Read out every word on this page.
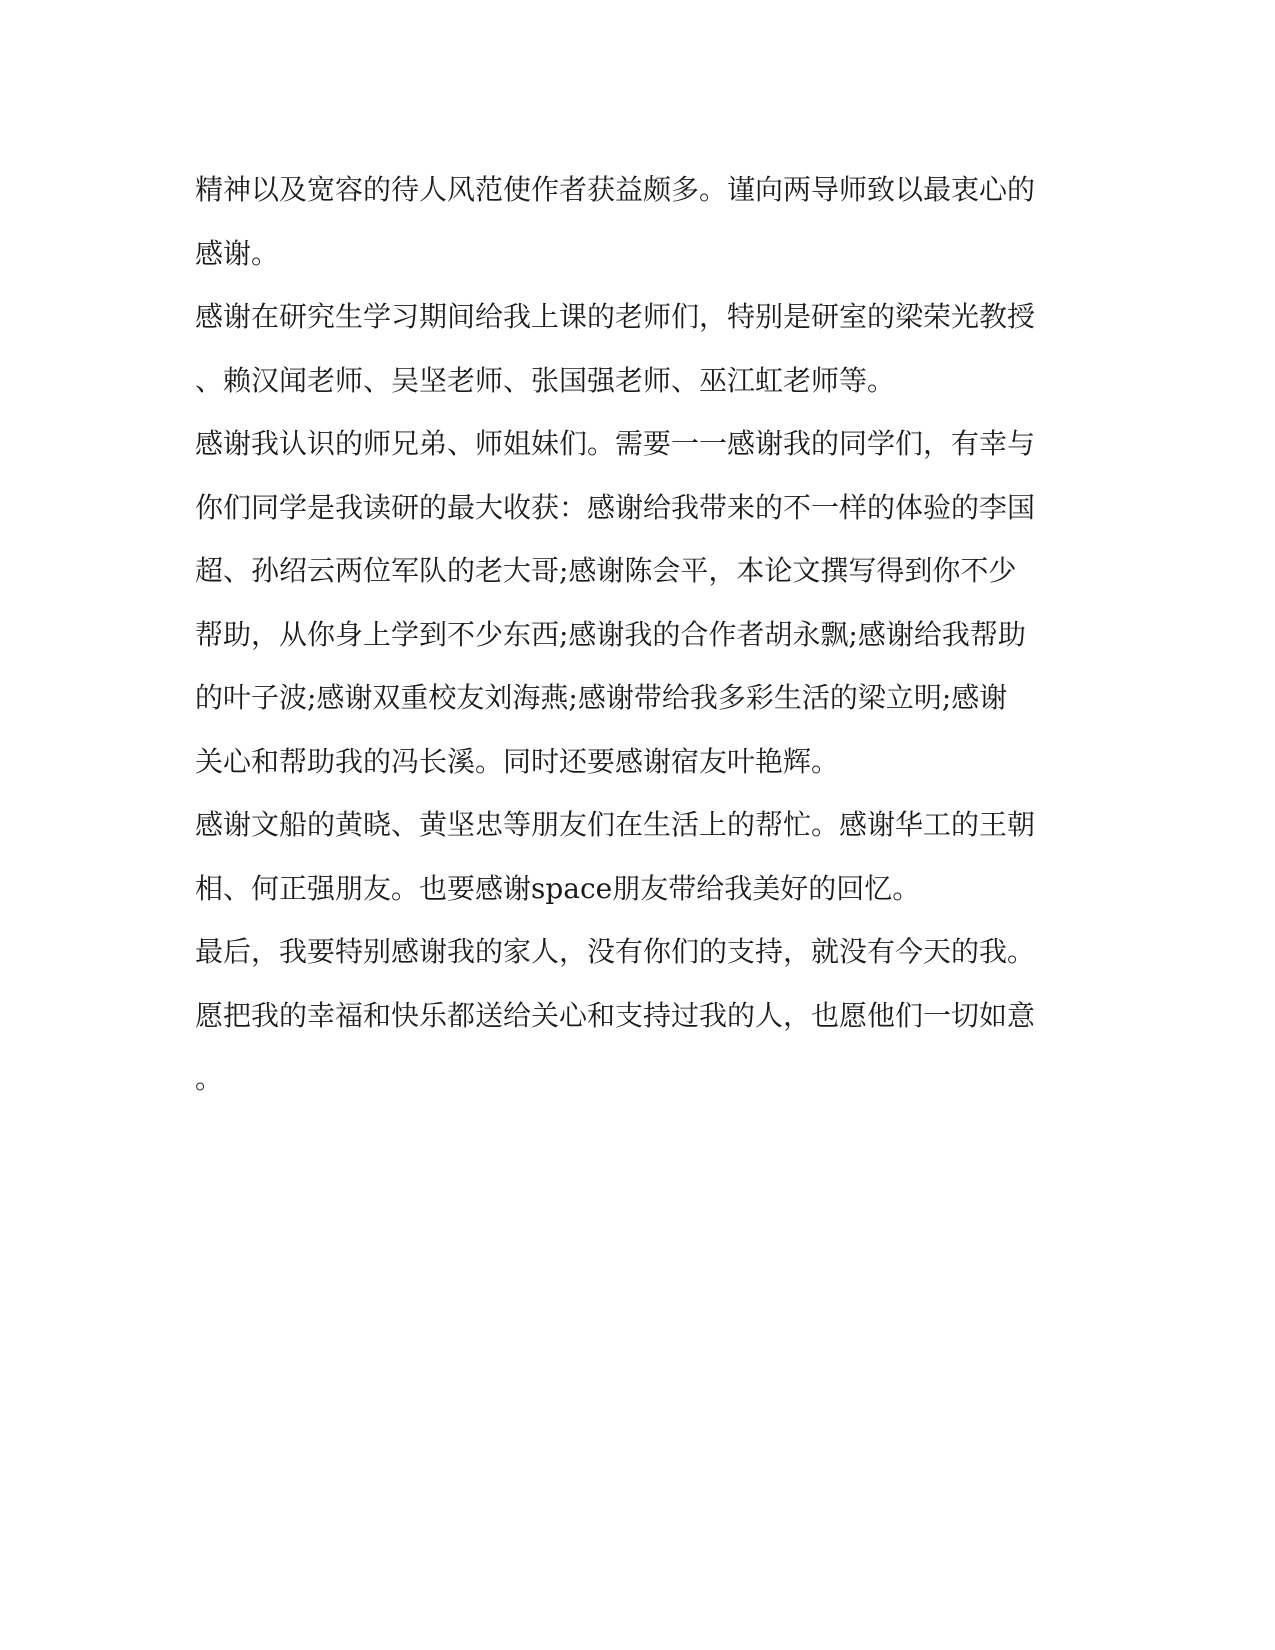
精神以及宽容的待人风范使作者获益颇多。谨向两导师致以最衷心的
感谢。
感谢在研究生学习期间给我上课的老师们，特别是研室的梁荣光教授
、赖汉闻老师、吴坚老师、张国强老师、巫江虹老师等。
感谢我认识的师兄弟、师姐妹们。需要一一感谢我的同学们，有幸与
你们同学是我读研的最大收获：感谢给我带来的不一样的体验的李国
超、孙绍云两位军队的老大哥;感谢陈会平，本论文撰写得到你不少
帮助，从你身上学到不少东西;感谢我的合作者胡永飘;感谢给我帮助
的叶子波;感谢双重校友刘海燕;感谢带给我多彩生活的梁立明;感谢
关心和帮助我的冯长溪。同时还要感谢宿友叶艳辉。
感谢文船的黄晓、黄坚忠等朋友们在生活上的帮忙。感谢华工的王朝
相、何正强朋友。也要感谢space朋友带给我美好的回忆。
最后，我要特别感谢我的家人，没有你们的支持，就没有今天的我。
愿把我的幸福和快乐都送给关心和支持过我的人，也愿他们一切如意
。
